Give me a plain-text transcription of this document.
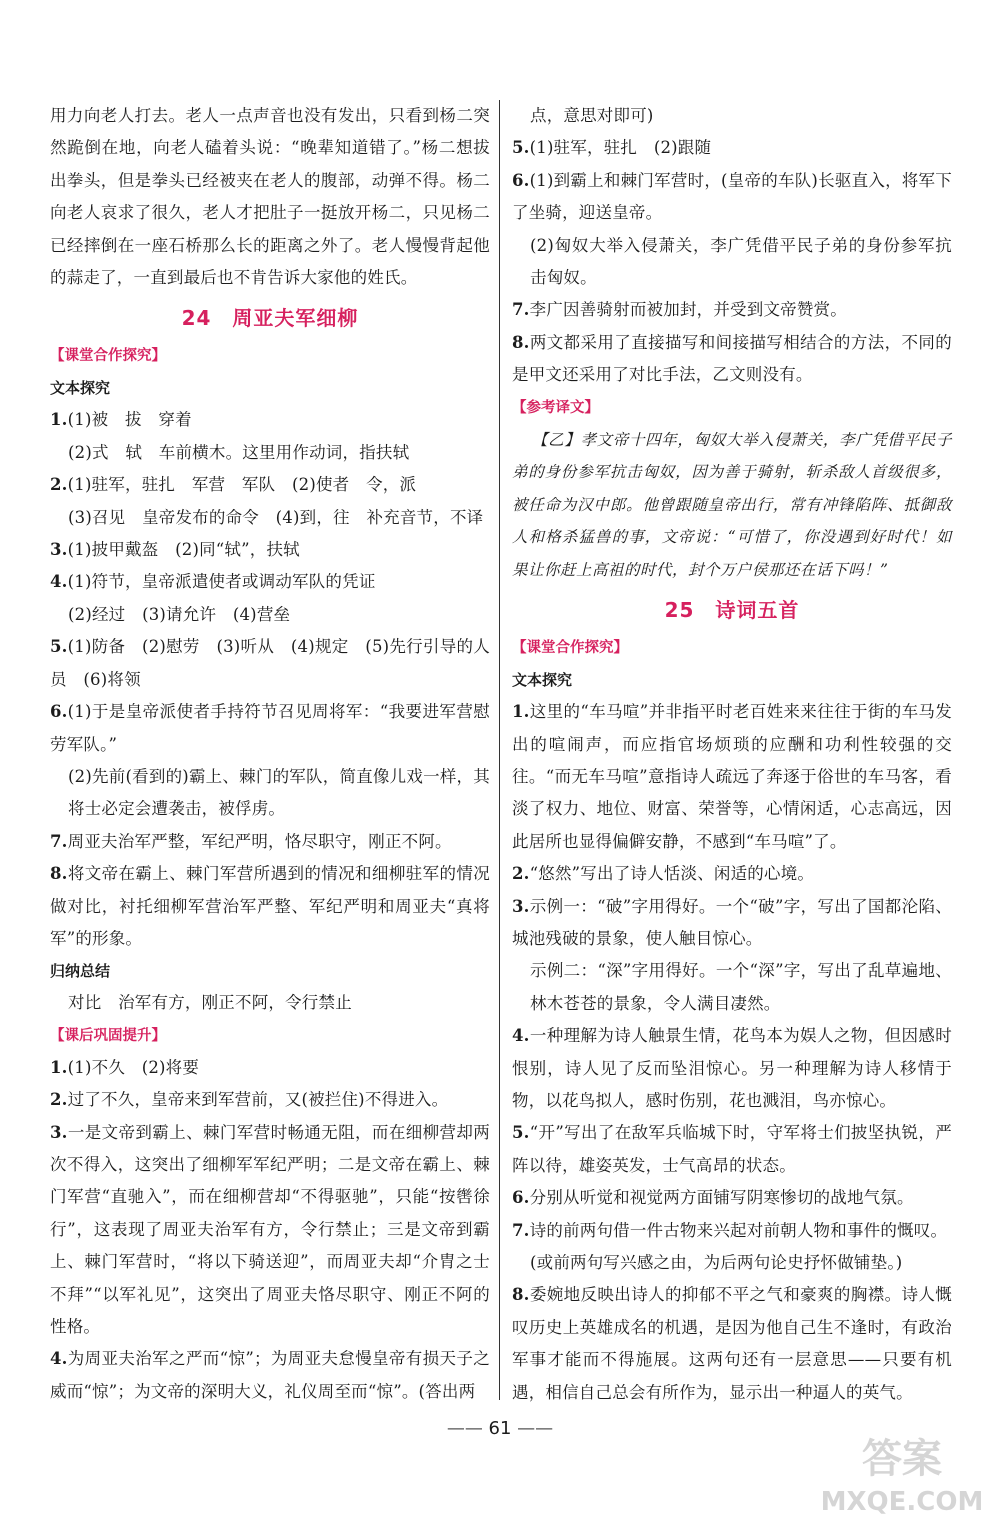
用力向老人打去。老人一点声音也没有发出，只看到杨二突然跪倒在地，向老人磕着头说：“晚辈知道错了。”杨二想拔出拳头，但是拳头已经被夹在老人的腹部，动弹不得。杨二向老人哀求了很久，老人才把肚子一挺放开杨二，只见杨二已经摔倒在一座石桥那么长的距离之外了。老人慢慢背起他的蒜走了，一直到最后也不肯告诉大家他的姓氏。

24　周亚夫军细柳
【课堂合作探究】
文本探究

1.(1)被　拔　穿着

(2)式　轼　车前横木。这里用作动词，指扶轼

2.(1)驻军，驻扎　军营　军队　(2)使者　令，派

(3)召见　皇帝发布的命令　(4)到，往　补充音节，不译

3.(1)披甲戴盔　(2)同“轼”，扶轼

4.(1)符节，皇帝派遣使者或调动军队的凭证

(2)经过　(3)请允许　(4)营垒

5.(1)防备　(2)慰劳　(3)听从　(4)规定　(5)先行引导的人员　(6)将领

6.(1)于是皇帝派使者手持符节召见周将军：“我要进军营慰劳军队。”

(2)先前(看到的)霸上、棘门的军队，简直像儿戏一样，其将士必定会遭袭击，被俘虏。

7.周亚夫治军严整，军纪严明，恪尽职守，刚正不阿。

8.将文帝在霸上、棘门军营所遇到的情况和细柳驻军的情况做对比，衬托细柳军营治军严整、军纪严明和周亚夫“真将军”的形象。

归纳总结

对比　治军有方，刚正不阿，令行禁止

【课后巩固提升】

1.(1)不久　(2)将要

2.过了不久，皇帝来到军营前，又(被拦住)不得进入。

3.一是文帝到霸上、棘门军营时畅通无阻，而在细柳营却两次不得入，这突出了细柳军军纪严明；二是文帝在霸上、棘门军营“直驰入”，而在细柳营却“不得驱驰”，只能“按辔徐行”，这表现了周亚夫治军有方，令行禁止；三是文帝到霸上、棘门军营时，“将以下骑送迎”，而周亚夫却“介胄之士不拜”“以军礼见”，这突出了周亚夫恪尽职守、刚正不阿的性格。

4.为周亚夫治军之严而“惊”；为周亚夫怠慢皇帝有损天子之威而“惊”；为文帝的深明大义，礼仪周至而“惊”。(答出两

点，意思对即可)

5.(1)驻军，驻扎　(2)跟随

6.(1)到霸上和棘门军营时，(皇帝的车队)长驱直入，将军下了坐骑，迎送皇帝。

(2)匈奴大举入侵萧关，李广凭借平民子弟的身份参军抗击匈奴。

7.李广因善骑射而被加封，并受到文帝赞赏。

8.两文都采用了直接描写和间接描写相结合的方法，不同的是甲文还采用了对比手法，乙文则没有。

【参考译文】

【乙】孝文帝十四年，匈奴大举入侵萧关，李广凭借平民子弟的身份参军抗击匈奴，因为善于骑射，斩杀敌人首级很多，被任命为汉中郎。他曾跟随皇帝出行，常有冲锋陷阵、抵御敌人和格杀猛兽的事，文帝说：“可惜了，你没遇到好时代！如果让你赶上高祖的时代，封个万户侯那还在话下吗！”

25　诗词五首
【课堂合作探究】
文本探究

1.这里的“车马喧”并非指平时老百姓来来往往于街的车马发出的喧闹声，而应指官场烦琐的应酬和功利性较强的交往。“而无车马喧”意指诗人疏远了奔逐于俗世的车马客，看淡了权力、地位、财富、荣誉等，心情闲适，心志高远，因此居所也显得偏僻安静，不感到“车马喧”了。

2.“悠然”写出了诗人恬淡、闲适的心境。

3.示例一：“破”字用得好。一个“破”字，写出了国都沦陷、城池残破的景象，使人触目惊心。

示例二：“深”字用得好。一个“深”字，写出了乱草遍地、林木苍苍的景象，令人满目凄然。

4.一种理解为诗人触景生情，花鸟本为娱人之物，但因感时恨别，诗人见了反而坠泪惊心。另一种理解为诗人移情于物，以花鸟拟人，感时伤别，花也溅泪，鸟亦惊心。

5.“开”写出了在敌军兵临城下时，守军将士们披坚执锐，严阵以待，雄姿英发，士气高昂的状态。

6.分别从听觉和视觉两方面铺写阴寒惨切的战地气氛。

7.诗的前两句借一件古物来兴起对前朝人物和事件的慨叹。

(或前两句写兴感之由，为后两句论史抒怀做铺垫。)

8.委婉地反映出诗人的抑郁不平之气和豪爽的胸襟。诗人慨叹历史上英雄成名的机遇，是因为他自己生不逢时，有政治军事才能而不得施展。这两句还有一层意思——只要有机遇，相信自己总会有所作为，显示出一种逼人的英气。

—— 61 ——
答案
MXQE.COM
